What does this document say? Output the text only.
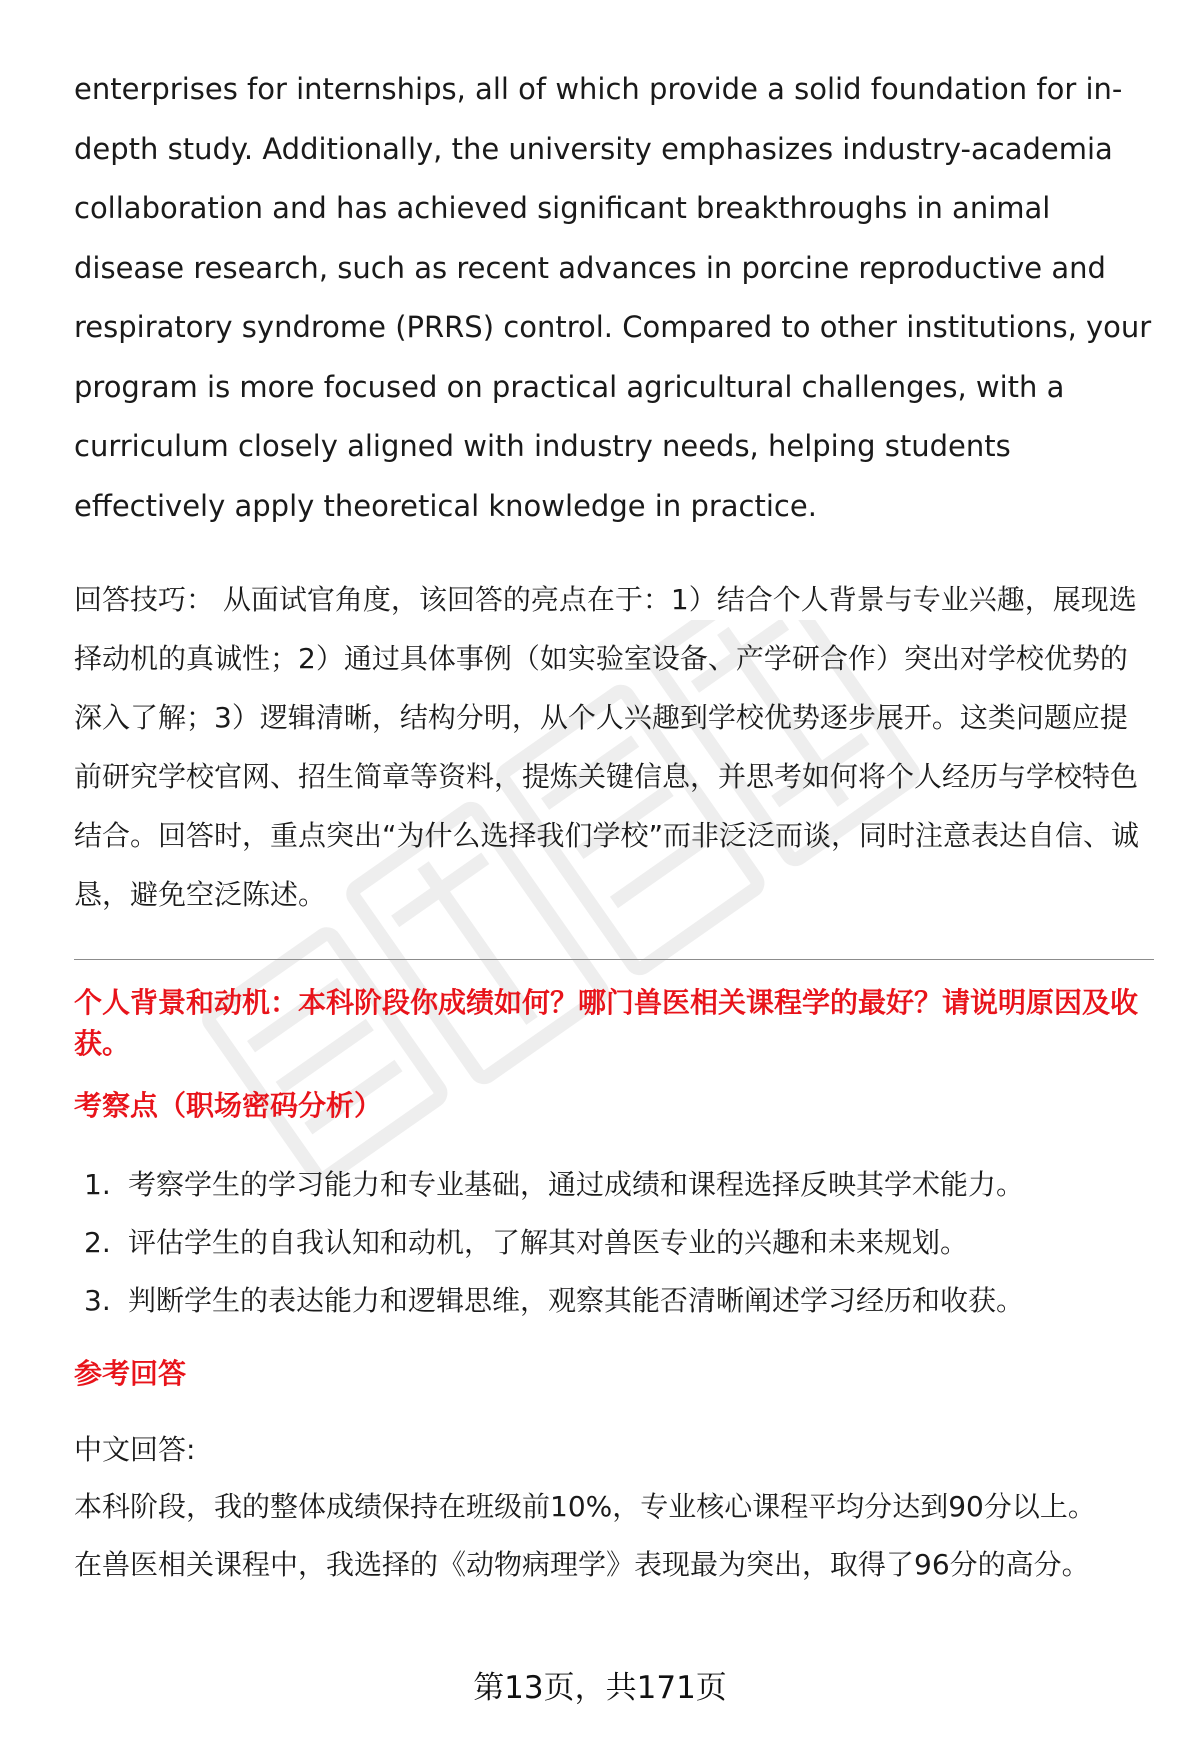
enterprises for internships, all of which provide a solid foundation for in-depth study. Additionally, the university emphasizes industry-academia collaboration and has achieved significant breakthroughs in animal disease research, such as recent advances in porcine reproductive and respiratory syndrome (PRRS) control. Compared to other institutions, your program is more focused on practical agricultural challenges, with a curriculum closely aligned with industry needs, helping students effectively apply theoretical knowledge in practice.

回答技巧： 从面试官角度，该回答的亮点在于：1）结合个人背景与专业兴趣，展现选择动机的真诚性；2）通过具体事例（如实验室设备、产学研合作）突出对学校优势的深入了解；3）逻辑清晰，结构分明，从个人兴趣到学校优势逐步展开。这类问题应提前研究学校官网、招生简章等资料，提炼关键信息，并思考如何将个人经历与学校特色结合。回答时，重点突出“为什么选择我们学校”而非泛泛而谈，同时注意表达自信、诚恳，避免空泛陈述。

个人背景和动机：本科阶段你成绩如何？哪门兽医相关课程学的最好？请说明原因及收获。
考察点（职场密码分析）
1. 考察学生的学习能力和专业基础，通过成绩和课程选择反映其学术能力。
2. 评估学生的自我认知和动机，了解其对兽医专业的兴趣和未来规划。
3. 判断学生的表达能力和逻辑思维，观察其能否清晰阐述学习经历和收获。
参考回答

中文回答:

本科阶段，我的整体成绩保持在班级前10%，专业核心课程平均分达到90分以上。

在兽医相关课程中，我选择的《动物病理学》表现最为突出，取得了96分的高分。

第13页，共171页
